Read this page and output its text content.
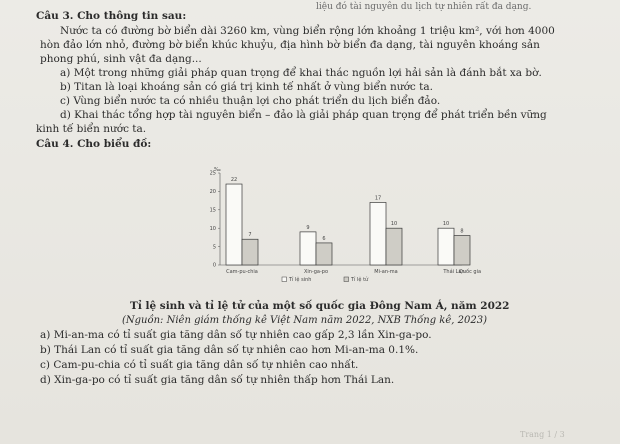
liệu đó tài nguyên du lịch tự nhiên rất đa dạng.
Câu 3. Cho thông tin sau:
Nước ta có đường bờ biển dài 3260 km, vùng biển rộng lớn khoảng 1 triệu km², với hơn 4000
hòn đảo lớn nhỏ, đường bờ biển khúc khuỷu, địa hình bờ biển đa dạng, tài nguyên khoáng sản
phong phú, sinh vật đa dạng...
a) Một trong những giải pháp quan trọng để khai thác nguồn lợi hải sản là đánh bắt xa bờ.
b) Titan là loại khoáng sản có giá trị kinh tế nhất ở vùng biển nước ta.
c) Vùng biển nước ta có nhiều thuận lợi cho phát triển du lịch biển đảo.
d) Khai thác tổng hợp tài nguyên biển – đảo là giải pháp quan trọng để phát triển bền vững
kinh tế biển nước ta.
Câu 4. Cho biểu đồ:
‰
25
20
15
10
5
0
22
9
17
10
7
6
10
8
Cam-pu-chia	Xin-ga-po	Mi-an-ma	Thái Lan
Quốc gia
Tỉ lệ sinh	Tỉ lệ tử
Tỉ lệ sinh và tỉ lệ tử của một số quốc gia Đông Nam Á, năm 2022
(Nguồn: Niên giám thống kê Việt Nam năm 2022, NXB Thống kê, 2023)
a) Mi-an-ma có tỉ suất gia tăng dân số tự nhiên cao gấp 2,3 lần Xin-ga-po.
b) Thái Lan có tỉ suất gia tăng dân số tự nhiên cao hơn Mi-an-ma 0.1%.
c) Cam-pu-chia có tỉ suất gia tăng dân số tự nhiên cao nhất.
d) Xin-ga-po có tỉ suất gia tăng dân số tự nhiên thấp hơn Thái Lan.
Trang 1 / 3
